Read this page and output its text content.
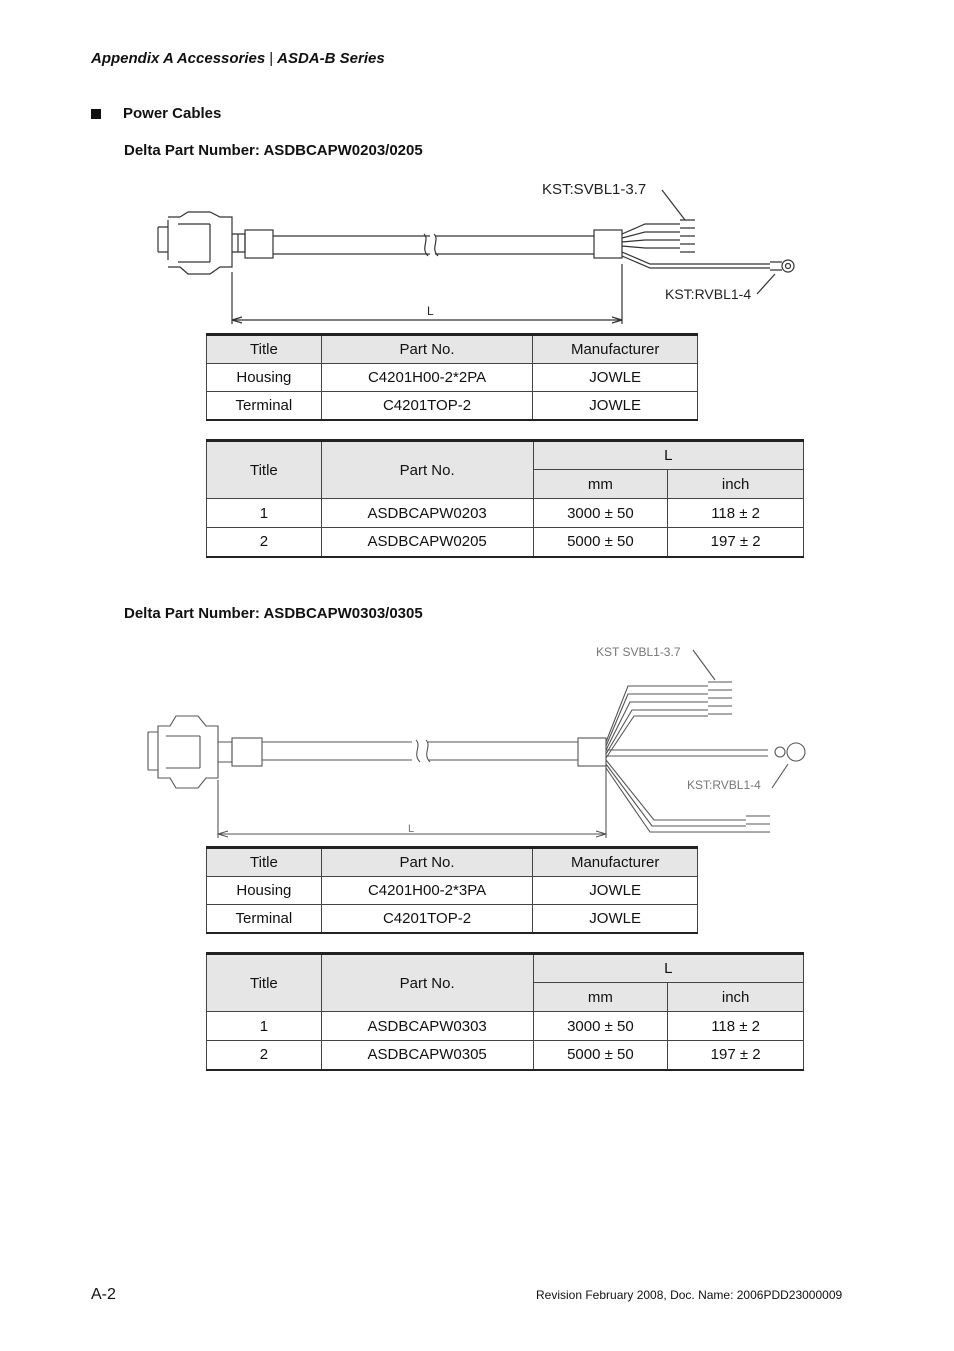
Appendix A Accessories | ASDA-B Series
Power Cables
Delta Part Number: ASDBCAPW0203/0205
KST:SVBL1-3.7
KST:RVBL1-4
L
Title	Part No.	Manufacturer
Housing	C4201H00-2*2PA	JOWLE
Terminal	C4201TOP-2	JOWLE
Title	Part No.	L	
		mm	inch
1	ASDBCAPW0203	3000 ± 50	118 ± 2
2	ASDBCAPW0205	5000 ± 50	197 ± 2
Delta Part Number: ASDBCAPW0303/0305
KST SVBL1-3.7
KST:RVBL1-4
L
Title	Part No.	Manufacturer
Housing	C4201H00-2*3PA	JOWLE
Terminal	C4201TOP-2	JOWLE
Title	Part No.	L	
		mm	inch
1	ASDBCAPW0303	3000 ± 50	118 ± 2
2	ASDBCAPW0305	5000 ± 50	197 ± 2
A-2	Revision February 2008, Doc. Name: 2006PDD23000009
